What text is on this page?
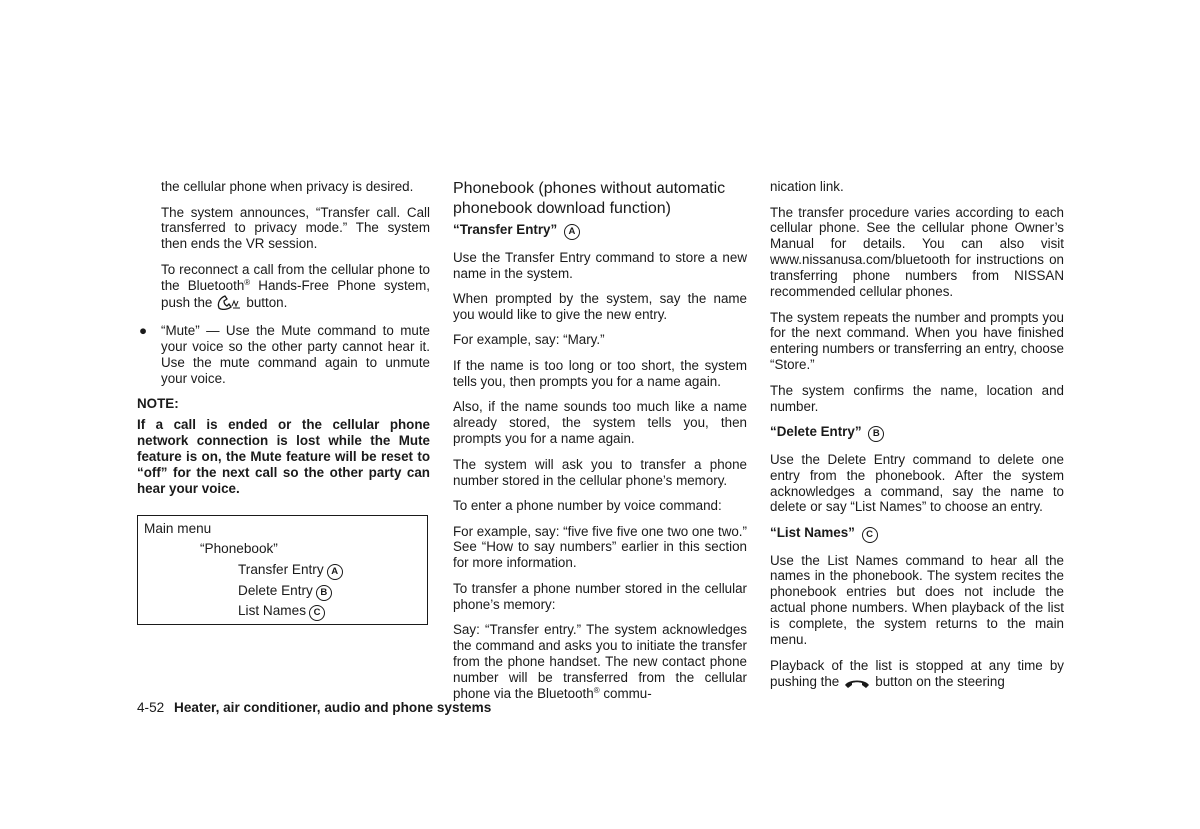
the cellular phone when privacy is desired.

The system announces, “Transfer call. Call transferred to privacy mode.” The system then ends the VR session.

To reconnect a call from the cellular phone to the Bluetooth® Hands-Free Phone system, push the	button.

● “Mute” — Use the Mute command to mute your voice so the other party cannot hear it. Use the mute command again to unmute your voice.

NOTE:
If a call is ended or the cellular phone network connection is lost while the Mute feature is on, the Mute feature will be reset to “off” for the next call so the other party can hear your voice.
Main menu
“Phonebook”
Transfer Entry A
Delete Entry B
List Names C
Phonebook (phones without automatic phonebook download function)
“Transfer Entry” A

Use the Transfer Entry command to store a new name in the system.

When prompted by the system, say the name you would like to give the new entry.

For example, say: “Mary.”

If the name is too long or too short, the system tells you, then prompts you for a name again.

Also, if the name sounds too much like a name already stored, the system tells you, then prompts you for a name again.

The system will ask you to transfer a phone number stored in the cellular phone’s memory.

To enter a phone number by voice command:

For example, say: “five five five one two one two.” See “How to say numbers” earlier in this section for more information.

To transfer a phone number stored in the cellular phone’s memory:

Say: “Transfer entry.” The system acknowledges the command and asks you to initiate the transfer from the phone handset. The new contact phone number will be transferred from the cellular phone via the Bluetooth® commu-

nication link.

The transfer procedure varies according to each cellular phone. See the cellular phone Owner’s Manual for details. You can also visit www.nissanusa.com/bluetooth for instructions on transferring phone numbers from NISSAN recommended cellular phones.

The system repeats the number and prompts you for the next command. When you have finished entering numbers or transferring an entry, choose “Store.”

The system confirms the name, location and number.

“Delete Entry” B

Use the Delete Entry command to delete one entry from the phonebook. After the system acknowledges a command, say the name to delete or say “List Names” to choose an entry.

“List Names” C

Use the List Names command to hear all the names in the phonebook. The system recites the phonebook entries but does not include the actual phone numbers. When playback of the list is complete, the system returns to the main menu.

Playback of the list is stopped at any time by pushing the	button on the steering

4-52 Heater, air conditioner, audio and phone systems
